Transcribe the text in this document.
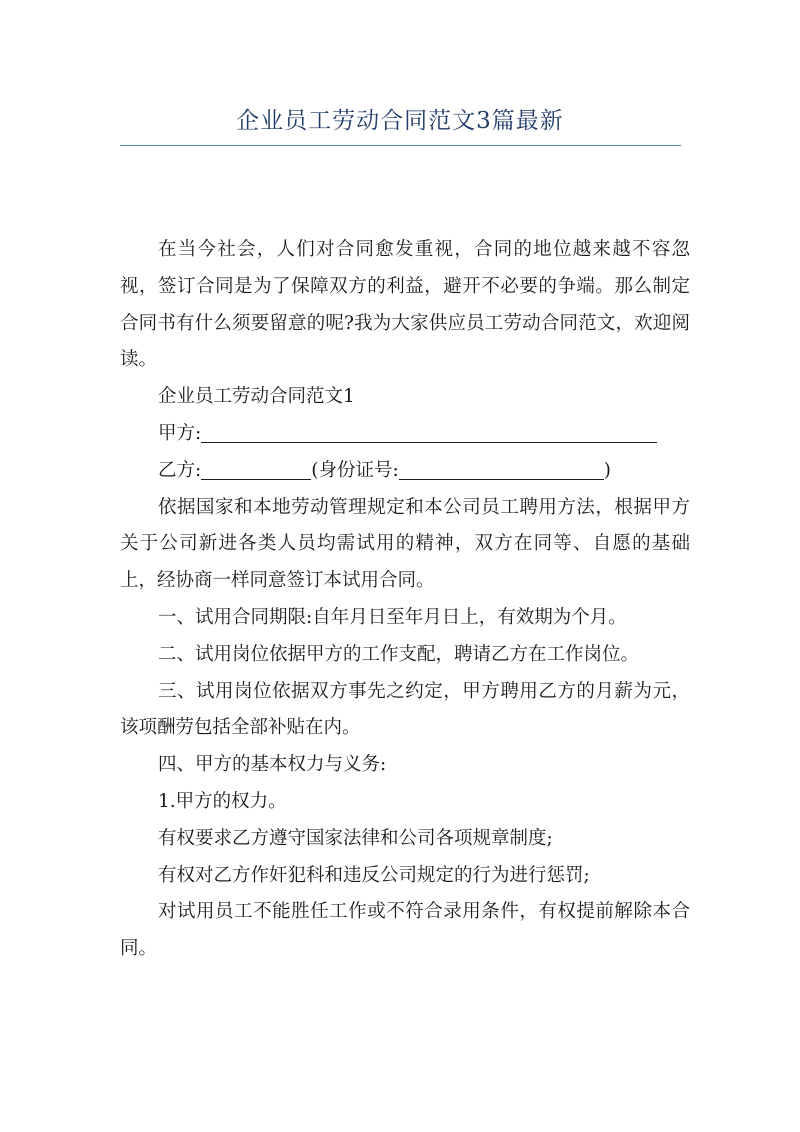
企业员工劳动合同范文3篇最新

在当今社会，人们对合同愈发重视，合同的地位越来越不容忽视，签订合同是为了保障双方的利益，避开不必要的争端。那么制定合同书有什么须要留意的呢?我为大家供应员工劳动合同范文，欢迎阅读。

企业员工劳动合同范文1

甲方:

乙方:	(身份证号:	)

依据国家和本地劳动管理规定和本公司员工聘用方法，根据甲方关于公司新进各类人员均需试用的精神，双方在同等、自愿的基础上，经协商一样同意签订本试用合同。

一、试用合同期限:自年月日至年月日上，有效期为个月。

二、试用岗位依据甲方的工作支配，聘请乙方在工作岗位。

三、试用岗位依据双方事先之约定，甲方聘用乙方的月薪为元，该项酬劳包括全部补贴在内。

四、甲方的基本权力与义务:

1.甲方的权力。

有权要求乙方遵守国家法律和公司各项规章制度;

有权对乙方作奸犯科和违反公司规定的行为进行惩罚;

对试用员工不能胜任工作或不符合录用条件，有权提前解除本合同。
